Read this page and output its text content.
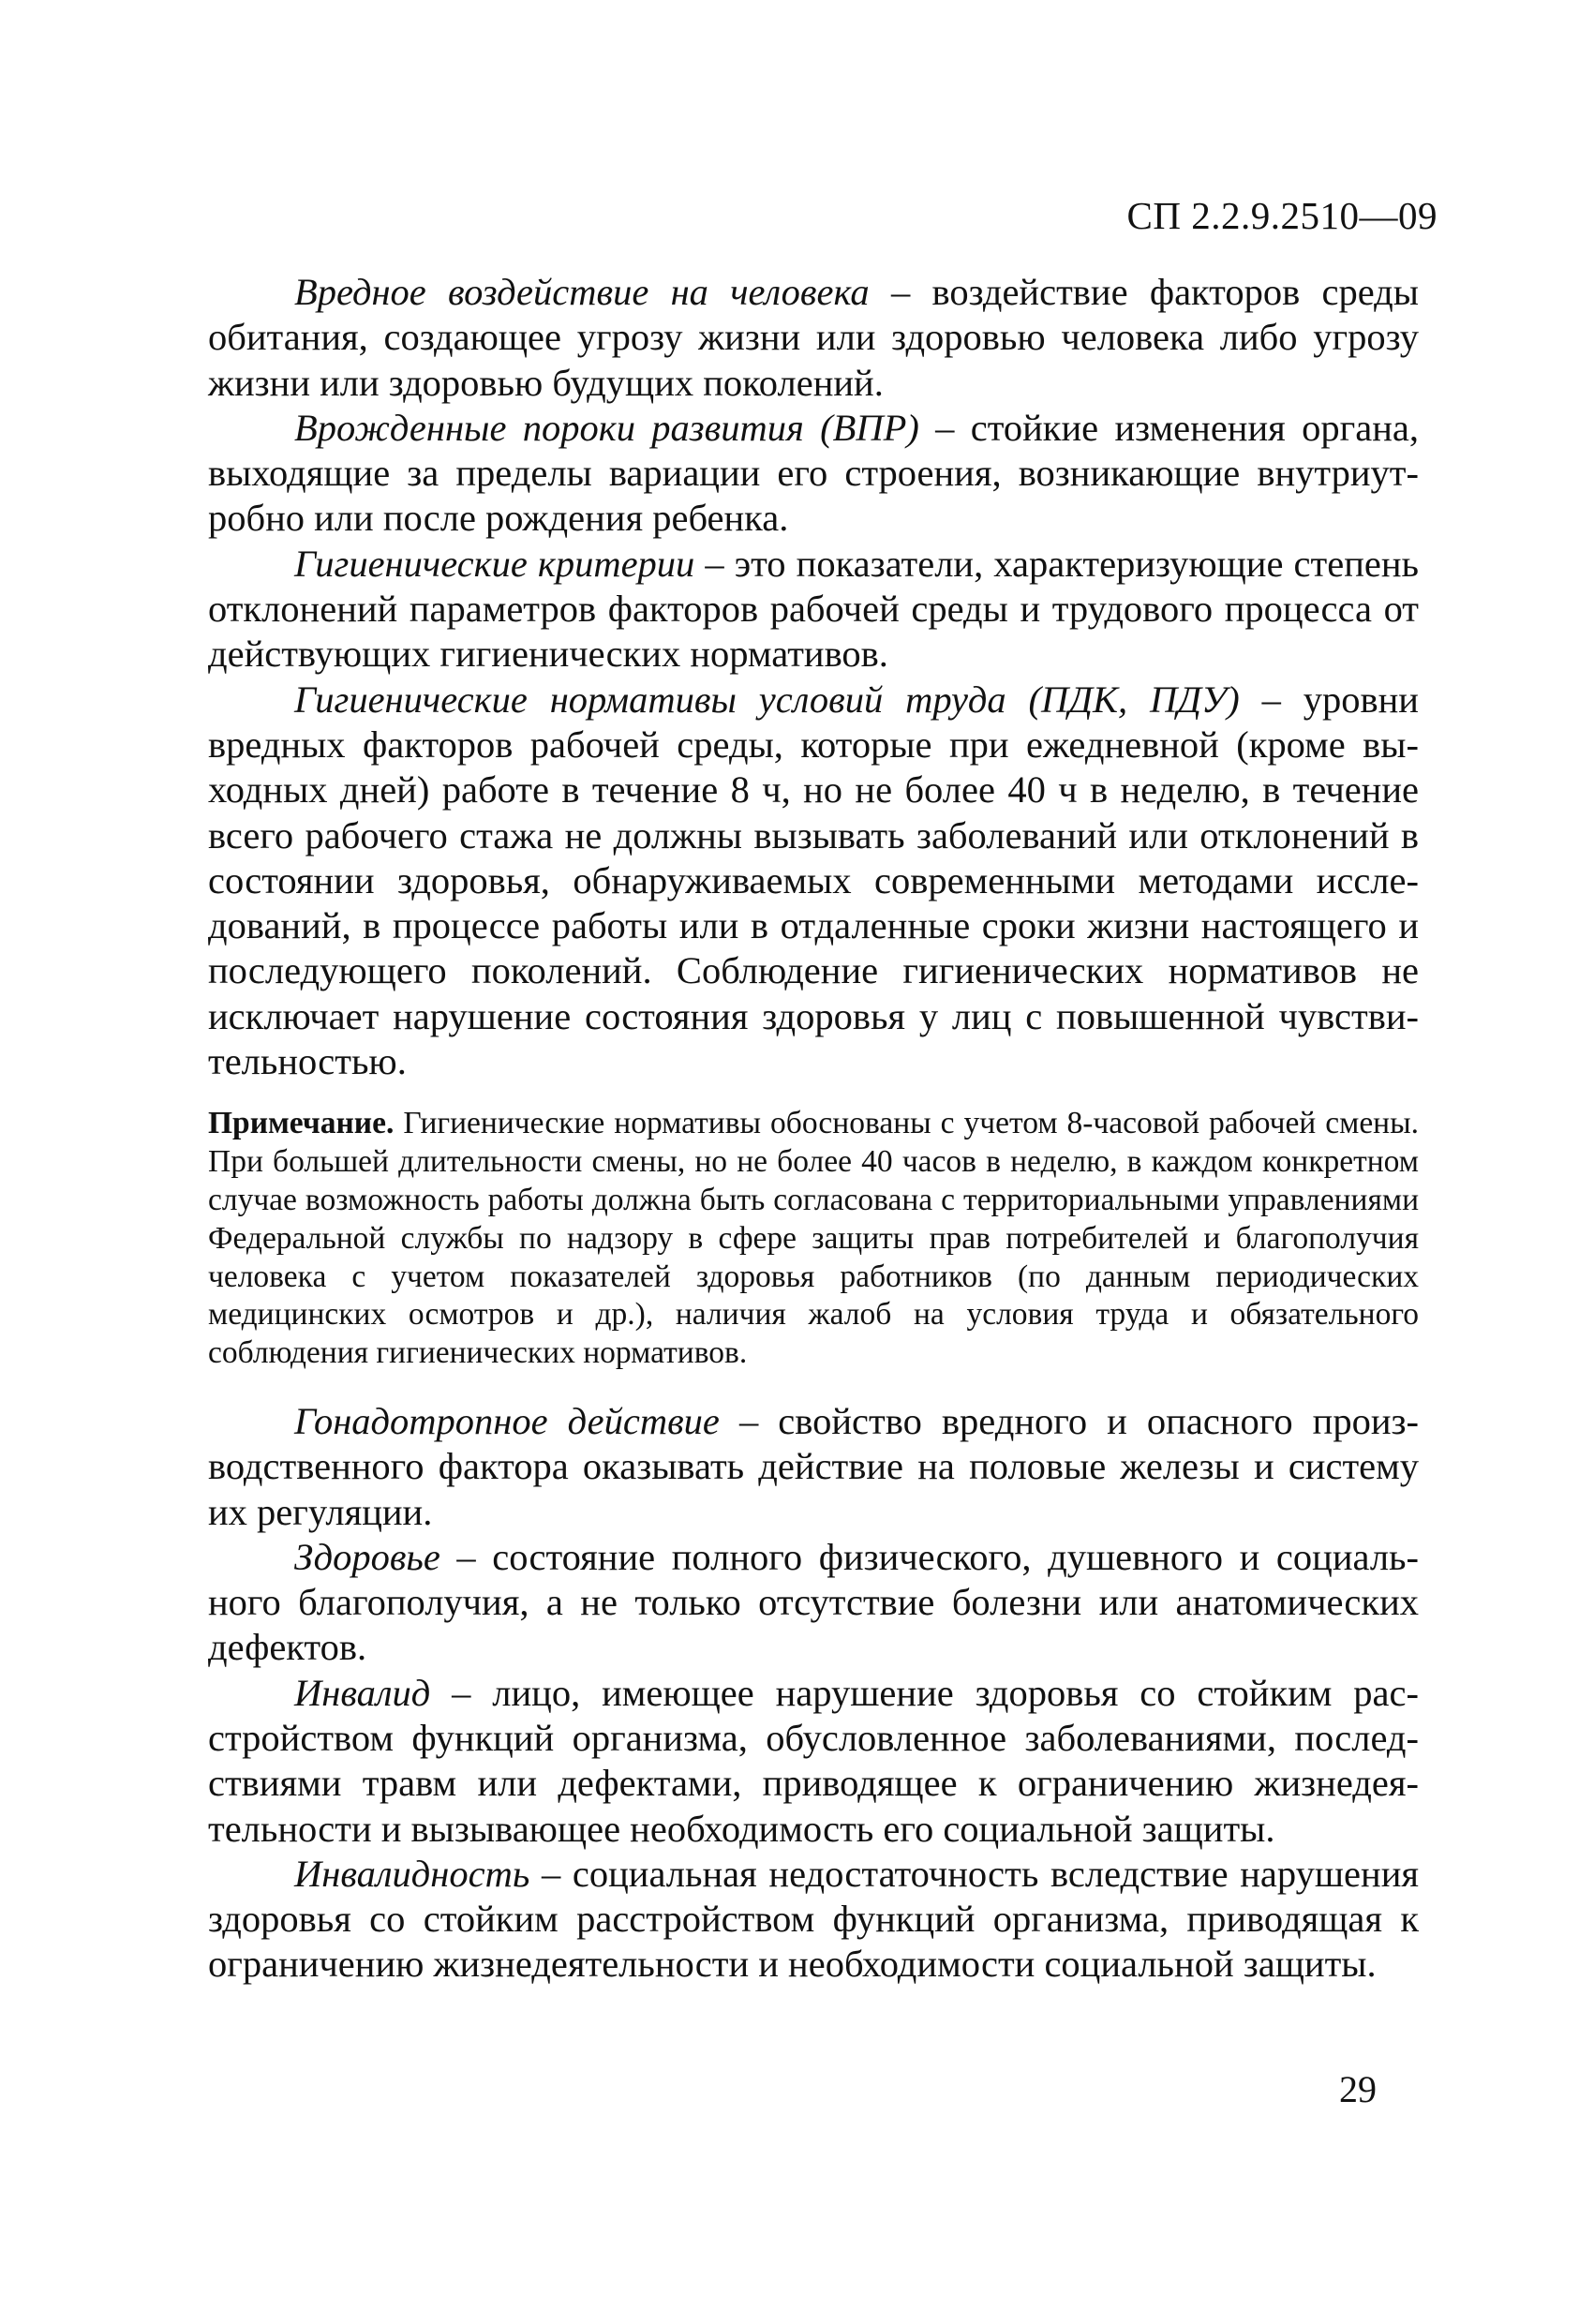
СП 2.2.9.2510—09

Вредное воздействие на человека – воздействие факторов среды обитания, создающее угрозу жизни или здоровью человека либо угрозу жизни или здоровью будущих поколений.

Врожденные пороки развития (ВПР) – стойкие изменения органа, выходящие за пределы вариации его строения, возникающие внутриутробно или после рождения ребенка.

Гигиенические критерии – это показатели, характеризующие степень отклонений параметров факторов рабочей среды и трудового процесса от действующих гигиенических нормативов.

Гигиенические нормативы условий труда (ПДК, ПДУ) – уровни вредных факторов рабочей среды, которые при ежедневной (кроме выходных дней) работе в течение 8 ч, но не более 40 ч в неделю, в течение всего рабочего стажа не должны вызывать заболеваний или отклонений в состоянии здоровья, обнаруживаемых современными методами исследований, в процессе работы или в отдаленные сроки жизни настоящего и последующего поколений. Соблюдение гигиенических нормативов не исключает нарушение состояния здоровья у лиц с повышенной чувствительностью.

Примечание. Гигиенические нормативы обоснованы с учетом 8-часовой рабочей смены. При большей длительности смены, но не более 40 часов в неделю, в каждом конкретном случае возможность работы должна быть согласована с территориальными управлениями Федеральной службы по надзору в сфере защиты прав потребителей и благополучия человека с учетом показателей здоровья работников (по данным периодических медицинских осмотров и др.), наличия жалоб на условия труда и обязательного соблюдения гигиенических нормативов.

Гонадотропное действие – свойство вредного и опасного производственного фактора оказывать действие на половые железы и систему их регуляции.

Здоровье – состояние полного физического, душевного и социального благополучия, а не только отсутствие болезни или анатомических дефектов.

Инвалид – лицо, имеющее нарушение здоровья со стойким расстройством функций организма, обусловленное заболеваниями, последствиями травм или дефектами, приводящее к ограничению жизнедеятельности и вызывающее необходимость его социальной защиты.

Инвалидность – социальная недостаточность вследствие нарушения здоровья со стойким расстройством функций организма, приводящая к ограничению жизнедеятельности и необходимости социальной защиты.

29
